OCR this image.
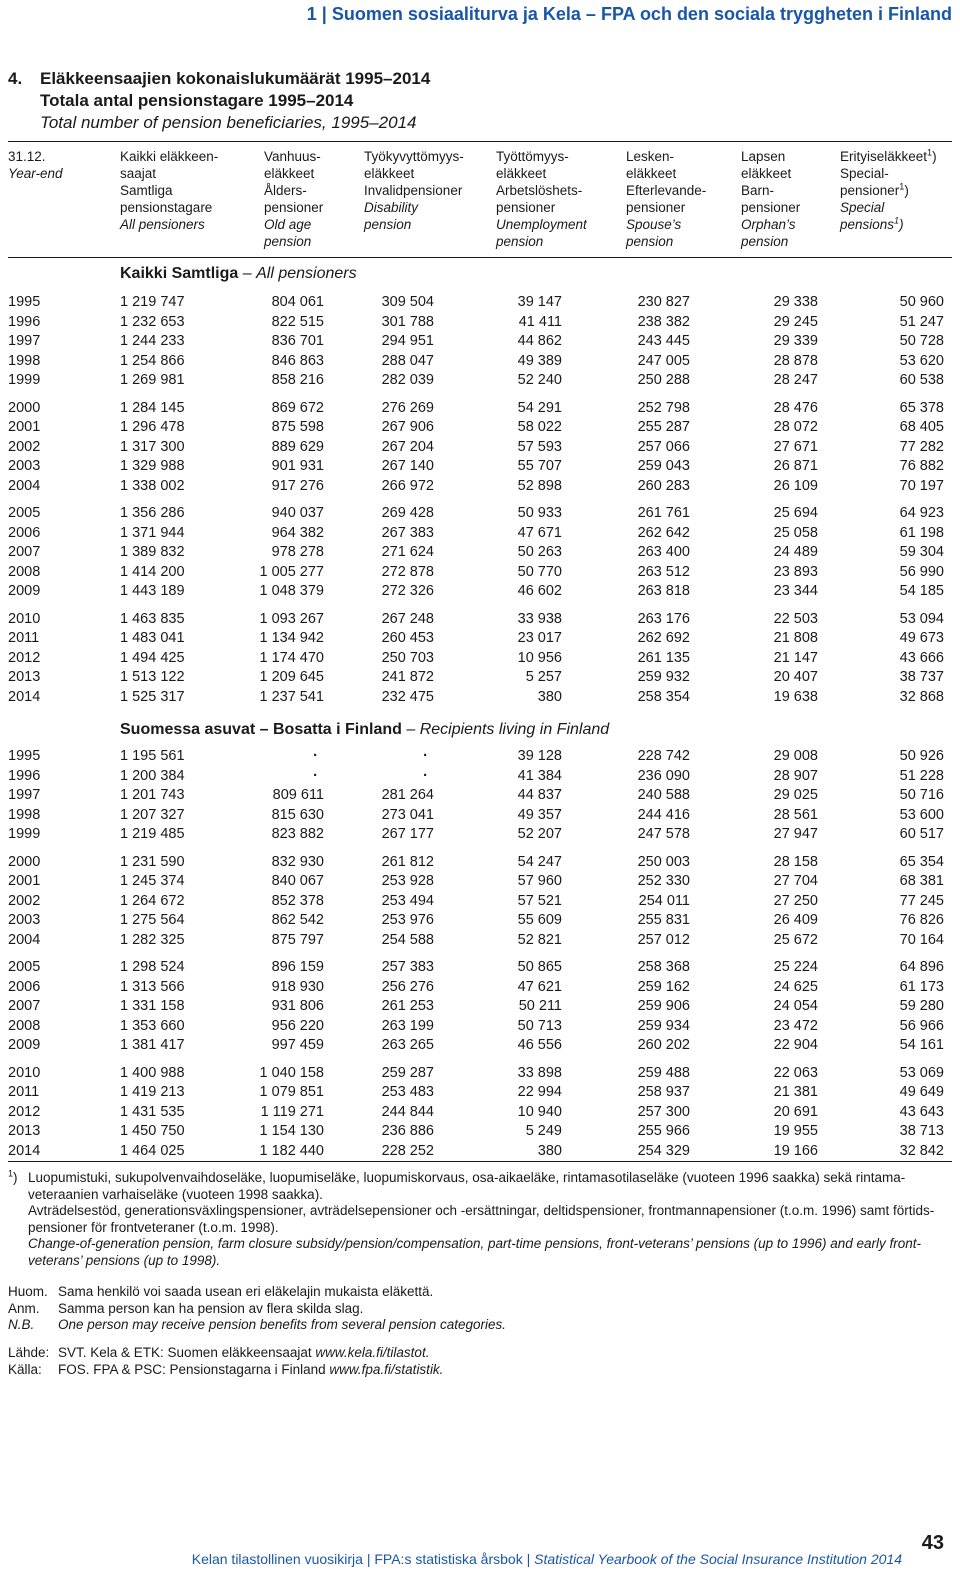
1 | Suomen sosiaaliturva ja Kela – FPA och den sociala tryggheten i Finland
4. Eläkkeensaajien kokonaislukumäärät 1995–2014
Totala antal pensionstagare 1995–2014
Total number of pension beneficiaries, 1995–2014
31.12.
Year-end
Kaikki eläkkeen-
saajat
Samtliga
pensionstagare
All pensioners
Vanhuus-
eläkkeet
Ålders-
pensioner
Old age
pension
Työkyvyttömyys-
eläkkeet
Invalidpensioner
Disability
pension
Työttömyys-
eläkkeet
Arbetslöshets-
pensioner
Unemployment
pension
Lesken-
eläkkeet
Efterlevande-
pensioner
Spouse’s
pension
Lapsen
eläkkeet
Barn-
pensioner
Orphan’s
pension
Erityiseläkkeet$^1$)
Special-
pensioner$^1$)
Special
pensions$^1$)
Kaikki Samtliga – All pensioners
1995	1 219 747	804 061	309 504	39 147	230 827	29 338	50 960
1996	1 232 653	822 515	301 788	41 411	238 382	29 245	51 247
1997	1 244 233	836 701	294 951	44 862	243 445	29 339	50 728
1998	1 254 866	846 863	288 047	49 389	247 005	28 878	53 620
1999	1 269 981	858 216	282 039	52 240	250 288	28 247	60 538
2000	1 284 145	869 672	276 269	54 291	252 798	28 476	65 378
2001	1 296 478	875 598	267 906	58 022	255 287	28 072	68 405
2002	1 317 300	889 629	267 204	57 593	257 066	27 671	77 282
2003	1 329 988	901 931	267 140	55 707	259 043	26 871	76 882
2004	1 338 002	917 276	266 972	52 898	260 283	26 109	70 197
2005	1 356 286	940 037	269 428	50 933	261 761	25 694	64 923
2006	1 371 944	964 382	267 383	47 671	262 642	25 058	61 198
2007	1 389 832	978 278	271 624	50 263	263 400	24 489	59 304
2008	1 414 200	1 005 277	272 878	50 770	263 512	23 893	56 990
2009	1 443 189	1 048 379	272 326	46 602	263 818	23 344	54 185
2010	1 463 835	1 093 267	267 248	33 938	263 176	22 503	53 094
2011	1 483 041	1 134 942	260 453	23 017	262 692	21 808	49 673
2012	1 494 425	1 174 470	250 703	10 956	261 135	21 147	43 666
2013	1 513 122	1 209 645	241 872	5 257	259 932	20 407	38 737
2014	1 525 317	1 237 541	232 475	380	258 354	19 638	32 868
Suomessa asuvat – Bosatta i Finland – Recipients living in Finland
1995	1 195 561	·	·	39 128	228 742	29 008	50 926
1996	1 200 384	·	·	41 384	236 090	28 907	51 228
1997	1 201 743	809 611	281 264	44 837	240 588	29 025	50 716
1998	1 207 327	815 630	273 041	49 357	244 416	28 561	53 600
1999	1 219 485	823 882	267 177	52 207	247 578	27 947	60 517
2000	1 231 590	832 930	261 812	54 247	250 003	28 158	65 354
2001	1 245 374	840 067	253 928	57 960	252 330	27 704	68 381
2002	1 264 672	852 378	253 494	57 521	254 011	27 250	77 245
2003	1 275 564	862 542	253 976	55 609	255 831	26 409	76 826
2004	1 282 325	875 797	254 588	52 821	257 012	25 672	70 164
2005	1 298 524	896 159	257 383	50 865	258 368	25 224	64 896
2006	1 313 566	918 930	256 276	47 621	259 162	24 625	61 173
2007	1 331 158	931 806	261 253	50 211	259 906	24 054	59 280
2008	1 353 660	956 220	263 199	50 713	259 934	23 472	56 966
2009	1 381 417	997 459	263 265	46 556	260 202	22 904	54 161
2010	1 400 988	1 040 158	259 287	33 898	259 488	22 063	53 069
2011	1 419 213	1 079 851	253 483	22 994	258 937	21 381	49 649
2012	1 431 535	1 119 271	244 844	10 940	257 300	20 691	43 643
2013	1 450 750	1 154 130	236 886	5 249	255 966	19 955	38 713
2014	1 464 025	1 182 440	228 252	380	254 329	19 166	32 842
$^1$) Luopumistuki, sukupolvenvaihdoseläke, luopumiseläke, luopumiskorvaus, osa-aikaeläke, rintamasotilaseläke (vuoteen 1996 saakka) sekä rintama-
veteraanien varhaiseläke (vuoteen 1998 saakka).
Avträdelsestöd, generationsväxlingspensioner, avträdelsepensioner och -ersättningar, deltidspensioner, frontmannapensioner (t.o.m. 1996) samt förtids-
pensioner för frontveteraner (t.o.m. 1998).
Change-of-generation pension, farm closure subsidy/pension/compensation, part-time pensions, front-veterans’ pensions (up to 1996) and early front-
veterans’ pensions (up to 1998).
Huom. Sama henkilö voi saada usean eri eläkelajin mukaista eläkettä.
Anm. Samma person kan ha pension av flera skilda slag.
N.B. One person may receive pension benefits from several pension categories.
Lähde: SVT. Kela & ETK: Suomen eläkkeensaajat www.kela.fi/tilastot.
Källa: FOS. FPA & PSC: Pensionstagarna i Finland www.fpa.fi/statistik.
Kelan tilastollinen vuosikirja | FPA:s statistiska årsbok | Statistical Yearbook of the Social Insurance Institution 2014
43
